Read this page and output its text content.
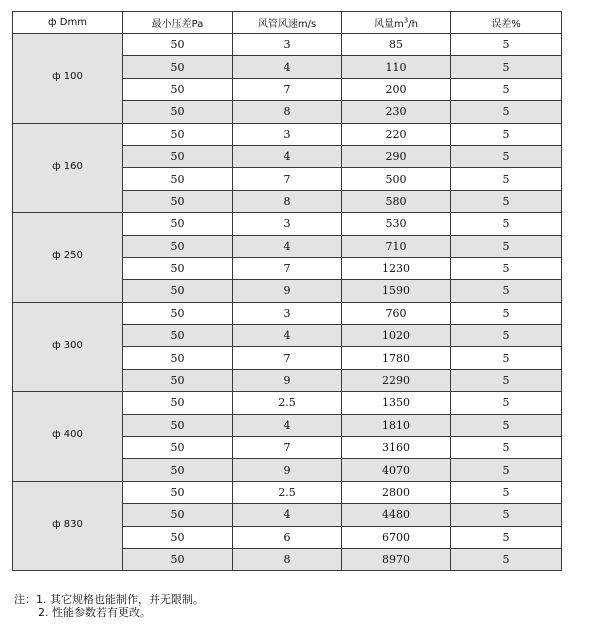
ф Dmm	最小压差Pa	风管风速m/s	风量$m^3/h$	误差%
ф 100	50	3	85	5
	50	4	110	5
	50	7	200	5
	50	8	230	5
ф 160	50	3	220	5
	50	4	290	5
	50	7	500	5
	50	8	580	5
ф 250	50	3	530	5
	50	4	710	5
	50	7	1230	5
	50	9	1590	5
ф 300	50	3	760	5
	50	4	1020	5
	50	7	1780	5
	50	9	2290	5
ф 400	50	2.5	1350	5
	50	4	1810	5
	50	7	3160	5
	50	9	4070	5
ф 830	50	2.5	2800	5
	50	4	4480	5
	50	6	6700	5
	50	8	8970	5
注：1. 其它规格也能制作，并无限制。
2. 性能参数若有更改。
